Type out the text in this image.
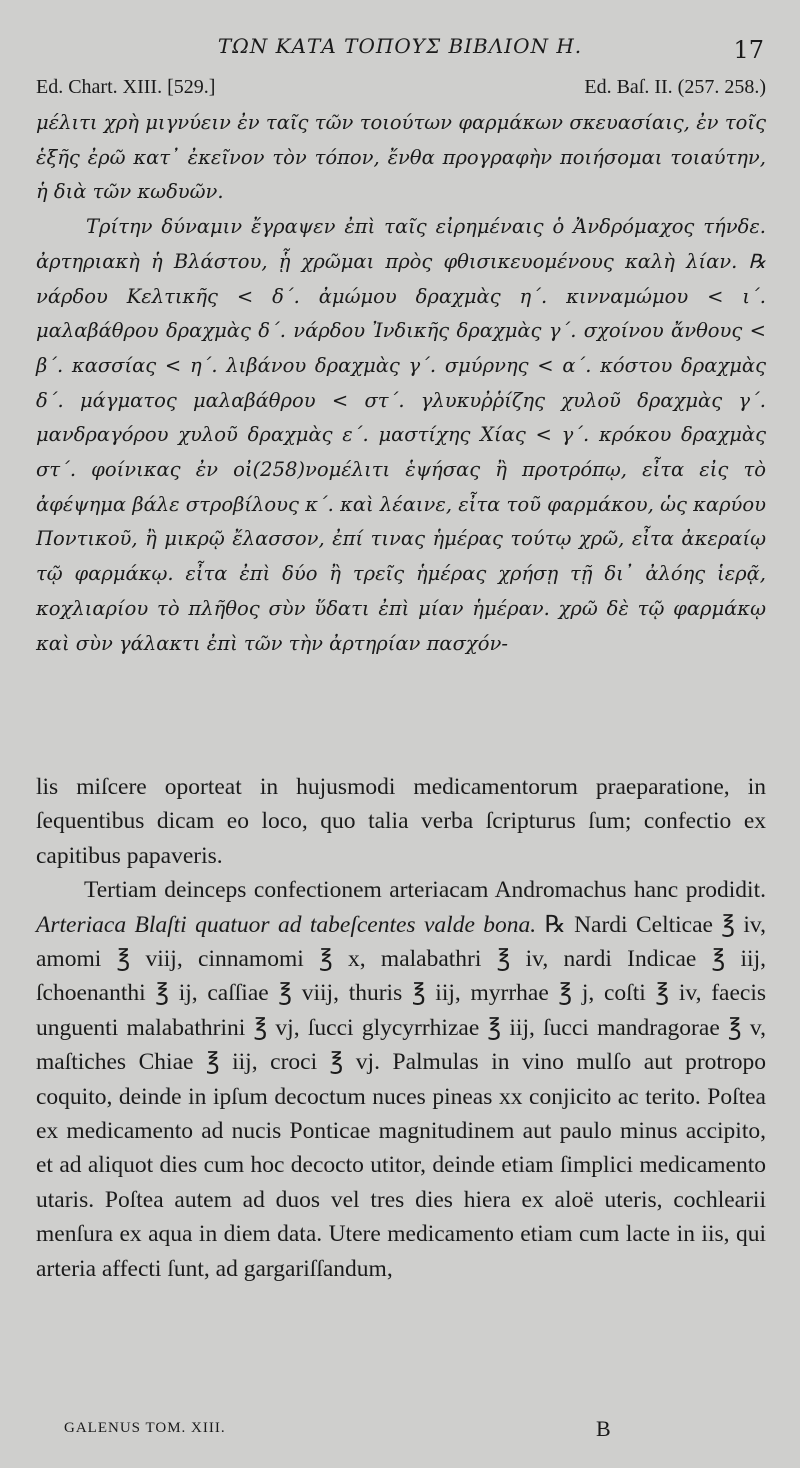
ΤΩΝ ΚΑΤΑ ΤΟΠΟΥΣ ΒΙΒΛΙΟΝ Η.	17
Ed. Chart. XIII. [529.]	Ed. Baſ. II. (257. 258.)

μέλιτι χρὴ μιγνύειν ἐν ταῖς τῶν τοιούτων φαρμάκων σκευασίαις, ἐν τοῖς ἑξῆς ἐρῶ κατ᾽ ἐκεῖνον τὸν τόπον, ἔνθα προγραφὴν ποιήσομαι τοιαύτην, ἡ διὰ τῶν κωδυῶν.

Τρίτην δύναμιν ἔγραψεν ἐπὶ ταῖς εἰρημέναις ὁ Ἀνδρόμαχος τήνδε. ἀρτηριακὴ ἡ Βλάστου, ᾗ χρῶμαι πρὸς φθισικευομένους καλὴ λίαν. ℞ νάρδου Κελτικῆς < δ΄. ἀμώμου δραχμὰς η΄. κινναμώμου < ι΄. μαλαβάθρου δραχμὰς δ΄. νάρδου Ἰνδικῆς δραχμὰς γ΄. σχοίνου ἄνθους < β΄. κασσίας < η΄. λιβάνου δραχμὰς γ΄. σμύρνης < α΄. κόστου δραχμὰς δ΄. μάγματος μαλαβάθρου < στ΄. γλυκυῤῥίζης χυλοῦ δραχμὰς γ΄. μανδραγόρου χυλοῦ δραχμὰς ε΄. μαστίχης Χίας < γ΄. κρόκου δραχμὰς στ΄. φοίνικας ἐν οἰ(258)νομέλιτι ἑψήσας ἢ προτρόπῳ, εἶτα εἰς τὸ ἀφέψημα βάλε στροβίλους κ΄. καὶ λέαινε, εἶτα τοῦ φαρμάκου, ὡς καρύου Ποντικοῦ, ἢ μικρῷ ἔλασσον, ἐπί τινας ἡμέρας τούτῳ χρῶ, εἶτα ἀκεραίῳ τῷ φαρμάκῳ. εἶτα ἐπὶ δύο ἢ τρεῖς ἡμέρας χρήσῃ τῇ δι᾽ ἀλόης ἱερᾷ, κοχλιαρίου τὸ πλῆθος σὺν ὕδατι ἐπὶ μίαν ἡμέραν. χρῶ δὲ τῷ φαρμάκῳ καὶ σὺν γάλακτι ἐπὶ τῶν τὴν ἀρτηρίαν πασχόν-

lis miſcere oporteat in hujusmodi medicamentorum praeparatione, in ſequentibus dicam eo loco, quo talia verba ſcripturus ſum; confectio ex capitibus papaveris.

Tertiam deinceps confectionem arteriacam Andromachus hanc prodidit. Arteriaca Blaſti quatuor ad tabeſcentes valde bona. ℞ Nardi Celticae ℥ iv, amomi ℥ viij, cinnamomi ℥ x, malabathri ℥ iv, nardi Indicae ℥ iij, ſchoenanthi ℥ ij, caſſiae ℥ viij, thuris ℥ iij, myrrhae ℥ j, coſti ℥ iv, faecis unguenti malabathrini ℥ vj, ſucci glycyrrhizae ℥ iij, ſucci mandragorae ℥ v, maſtiches Chiae ℥ iij, croci ℥ vj. Palmulas in vino mulſo aut protropo coquito, deinde in ipſum decoctum nuces pineas xx conjicito ac terito. Poſtea ex medicamento ad nucis Ponticae magnitudinem aut paulo minus accipito, et ad aliquot dies cum hoc decocto utitor, deinde etiam ſimplici medicamento utaris. Poſtea autem ad duos vel tres dies hiera ex aloë uteris, cochlearii menſura ex aqua in diem data. Utere medicamento etiam cum lacte in iis, qui arteria affecti ſunt, ad gargariſſandum,

GALENUS TOM. XIII.	B
